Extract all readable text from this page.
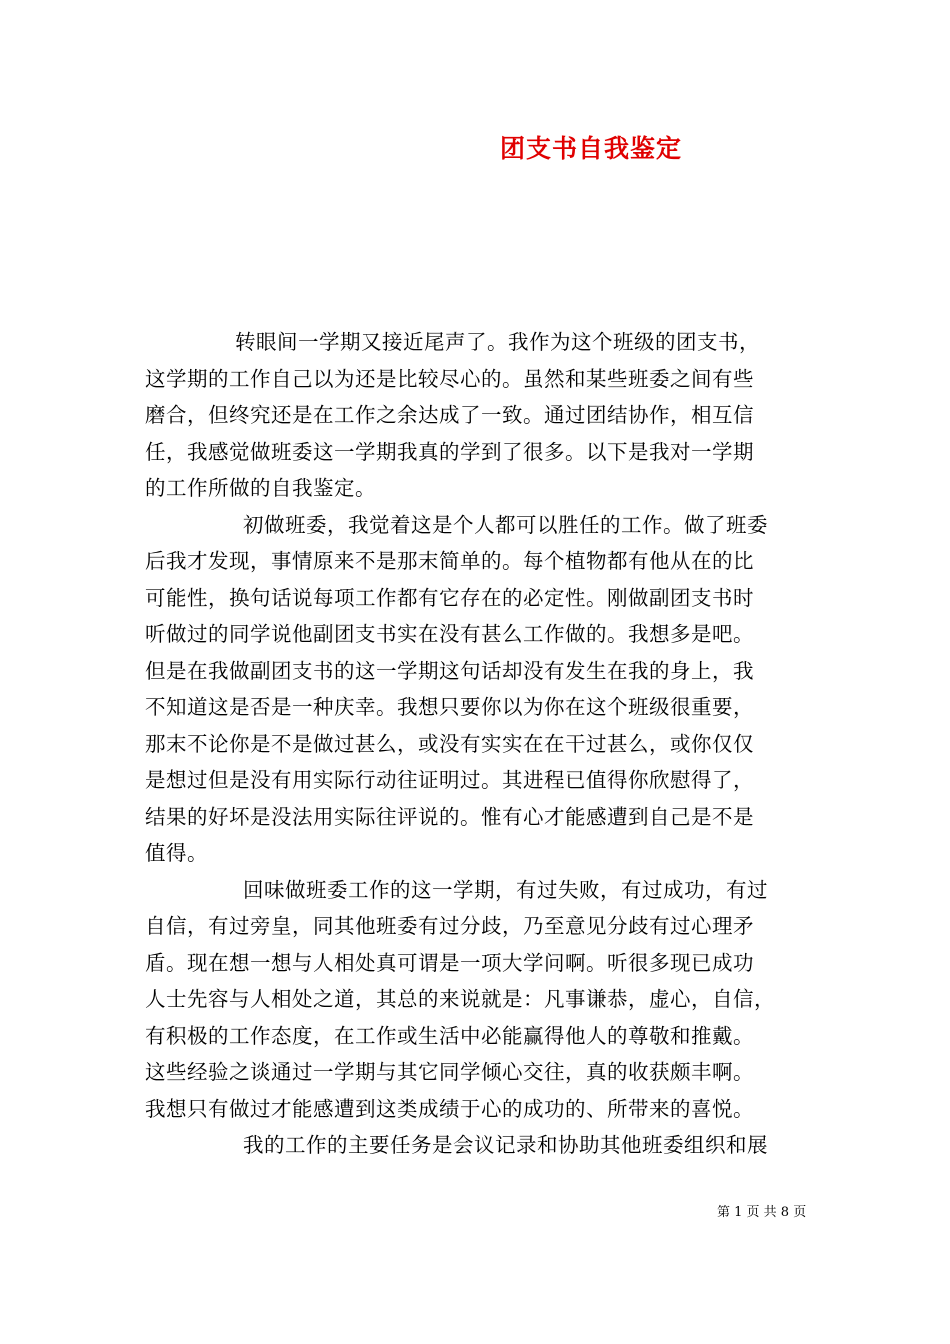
团支书自我鉴定
转眼间一学期又接近尾声了。我作为这个班级的团支书，
这学期的工作自己以为还是比较尽心的。虽然和某些班委之间有些
磨合，但终究还是在工作之余达成了一致。通过团结协作，相互信
任，我感觉做班委这一学期我真的学到了很多。以下是我对一学期
的工作所做的自我鉴定。
初做班委，我觉着这是个人都可以胜任的工作。做了班委
后我才发现，事情原来不是那末简单的。每个植物都有他从在的比
可能性，换句话说每项工作都有它存在的必定性。刚做副团支书时
听做过的同学说他副团支书实在没有甚么工作做的。我想多是吧。
但是在我做副团支书的这一学期这句话却没有发生在我的身上，我
不知道这是否是一种庆幸。我想只要你以为你在这个班级很重要，
那末不论你是不是做过甚么，或没有实实在在干过甚么，或你仅仅
是想过但是没有用实际行动往证明过。其进程已值得你欣慰得了，
结果的好坏是没法用实际往评说的。惟有心才能感遭到自己是不是
值得。
回味做班委工作的这一学期，有过失败，有过成功，有过
自信，有过旁皇，同其他班委有过分歧，乃至意见分歧有过心理矛
盾。现在想一想与人相处真可谓是一项大学问啊。听很多现已成功
人士先容与人相处之道，其总的来说就是：凡事谦恭，虚心，自信，
有积极的工作态度，在工作或生活中必能赢得他人的尊敬和推戴。
这些经验之谈通过一学期与其它同学倾心交往，真的收获颇丰啊。
我想只有做过才能感遭到这类成绩于心的成功的、所带来的喜悦。
我的工作的主要任务是会议记录和协助其他班委组织和展
第 1 页 共 8 页
